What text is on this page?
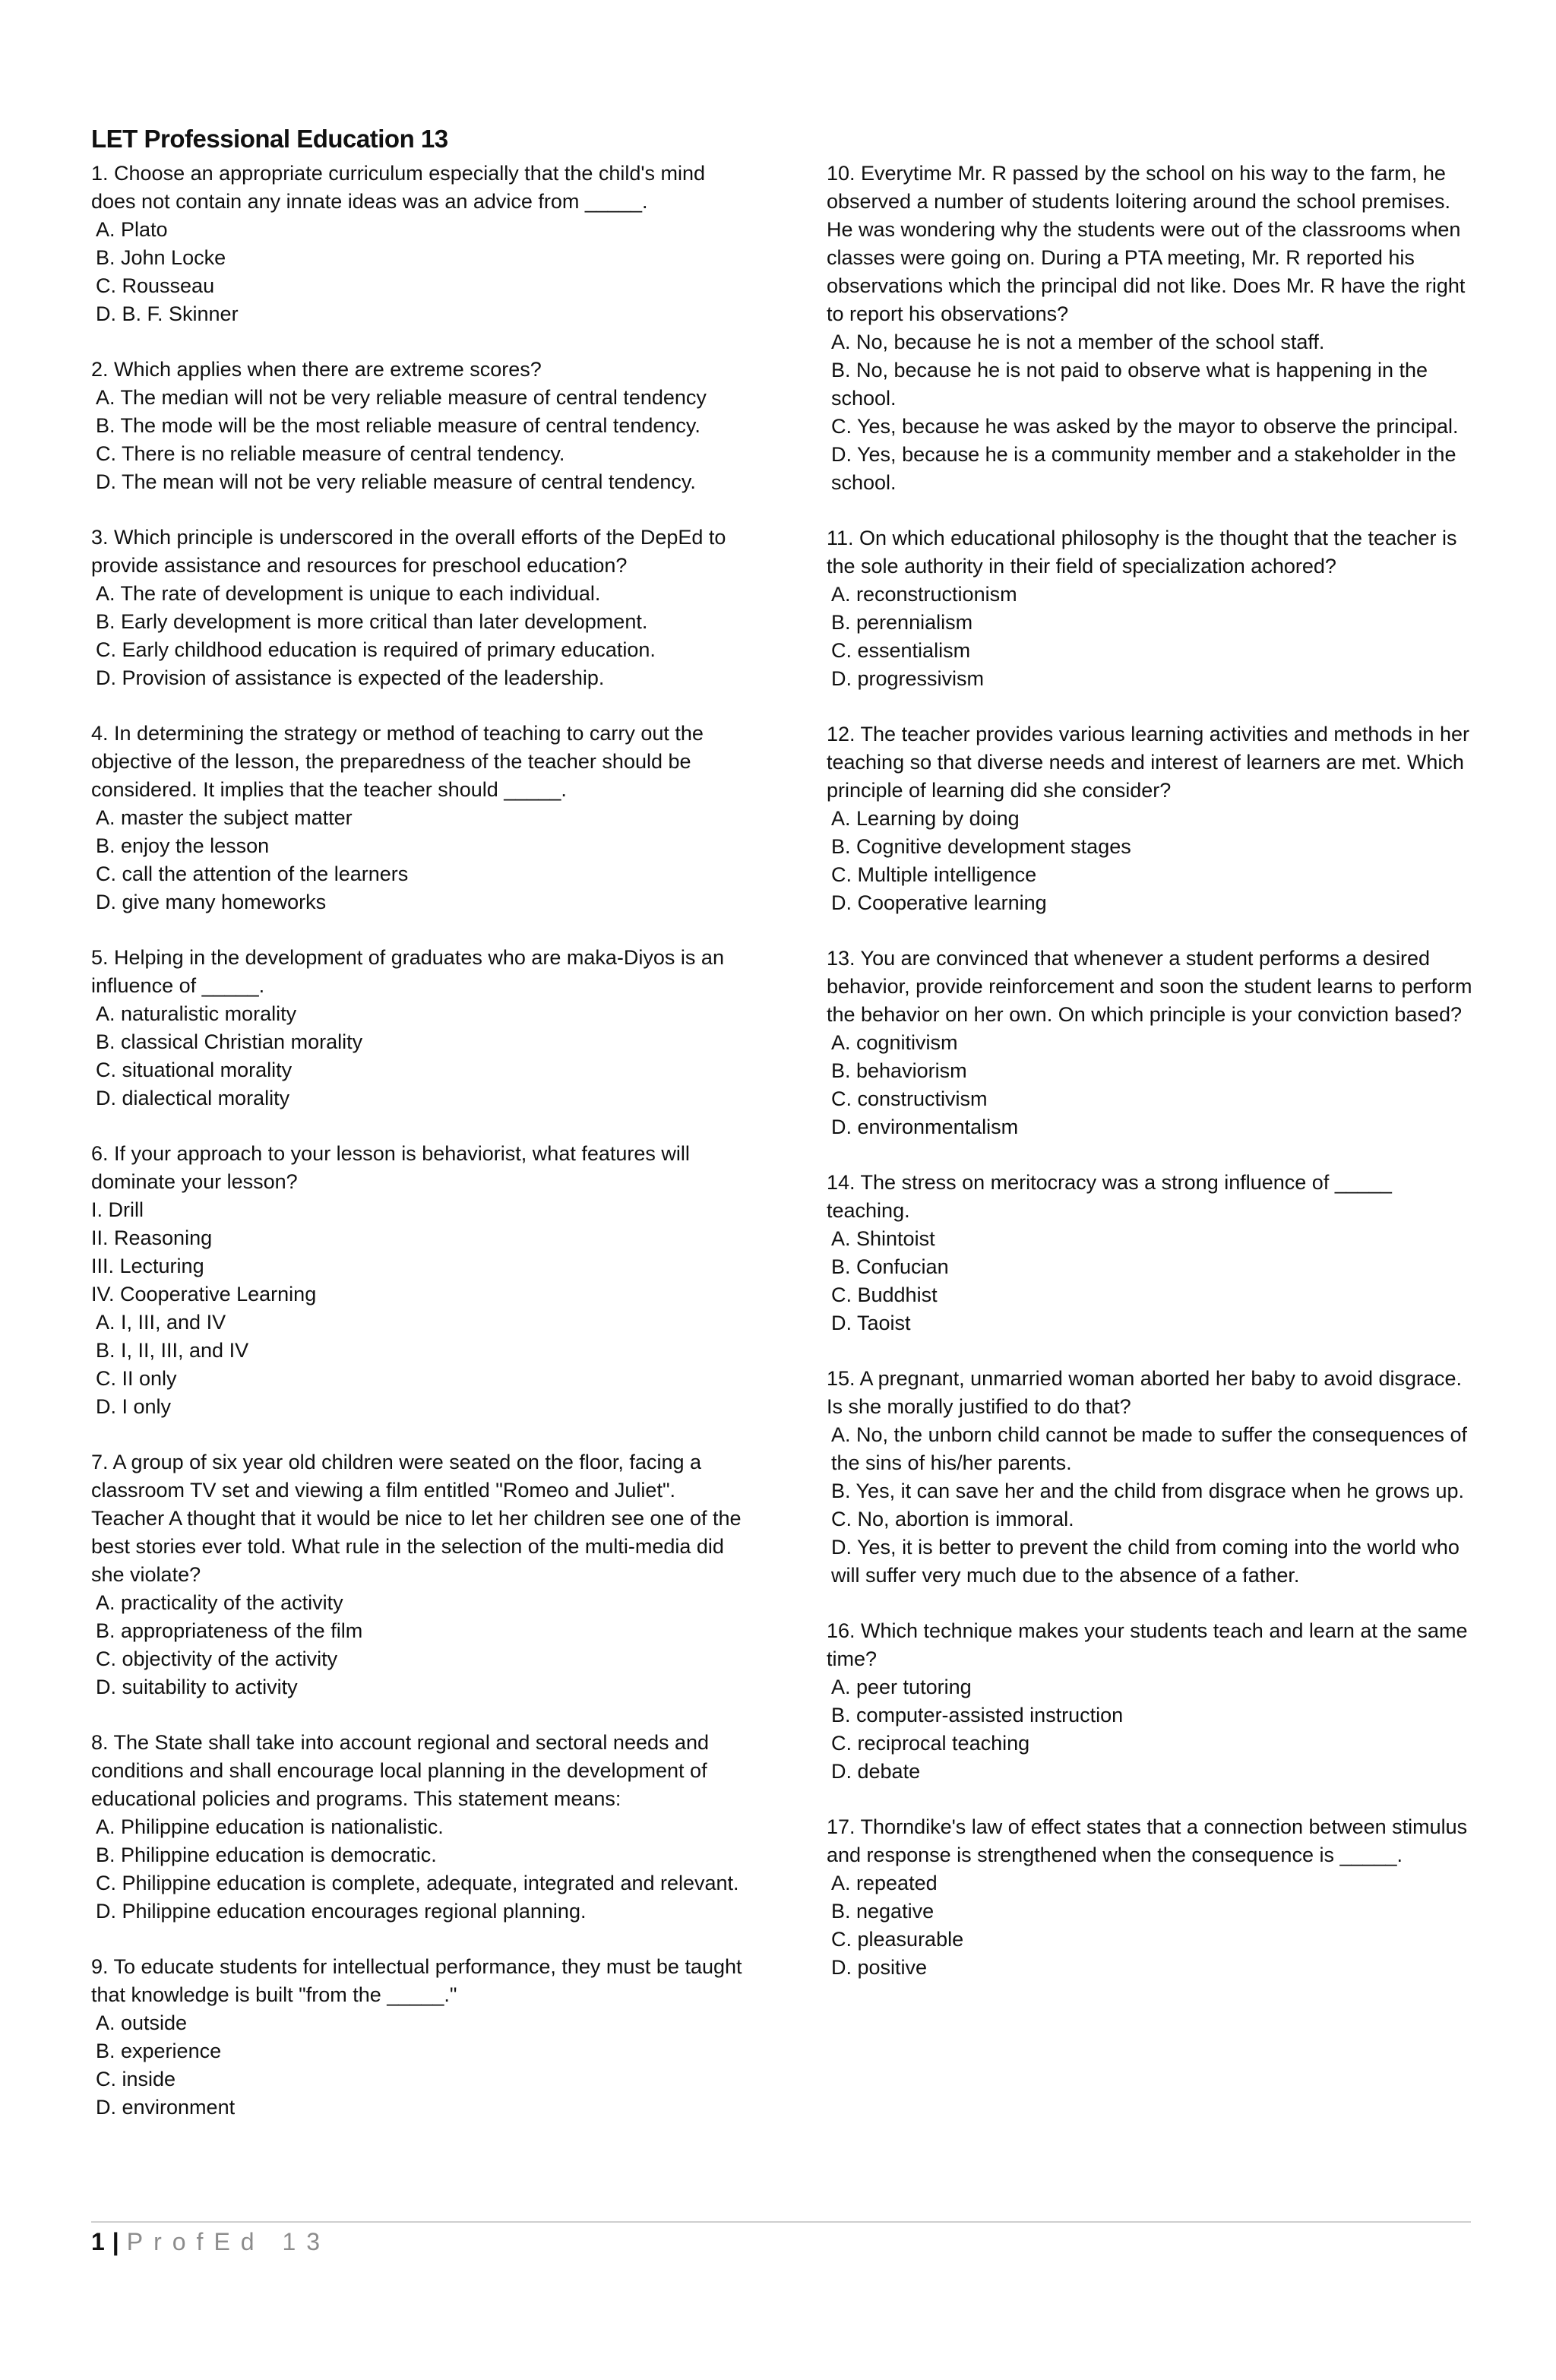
LET Professional Education 13

1. Choose an appropriate curriculum especially that the child's mind does not contain any innate ideas was an advice from _____.

A. Plato

B. John Locke

C. Rousseau

D. B. F. Skinner

2. Which applies when there are extreme scores?

A. The median will not be very reliable measure of central tendency

B. The mode will be the most reliable measure of central tendency.

C. There is no reliable measure of central tendency.

D. The mean will not be very reliable measure of central tendency.

3. Which principle is underscored in the overall efforts of the DepEd to provide assistance and resources for preschool education?

A. The rate of development is unique to each individual.

B. Early development is more critical than later development.

C. Early childhood education is required of primary education.

D. Provision of assistance is expected of the leadership.

4. In determining the strategy or method of teaching to carry out the objective of the lesson, the preparedness of the teacher should be considered. It implies that the teacher should _____.

A. master the subject matter

B. enjoy the lesson

C. call the attention of the learners

D. give many homeworks

5. Helping in the development of graduates who are maka-Diyos is an influence of _____.

A. naturalistic morality

B. classical Christian morality

C. situational morality

D. dialectical morality

6. If your approach to your lesson is behaviorist, what features will dominate your lesson?

I. Drill

II. Reasoning

III. Lecturing

IV. Cooperative Learning

A. I, III, and IV

B. I, II, III, and IV

C. II only

D. I only

7. A group of six year old children were seated on the floor, facing a classroom TV set and viewing a film entitled "Romeo and Juliet". Teacher A thought that it would be nice to let her children see one of the best stories ever told. What rule in the selection of the multi-media did she violate?

A. practicality of the activity

B. appropriateness of the film

C. objectivity of the activity

D. suitability to activity

8. The State shall take into account regional and sectoral needs and conditions and shall encourage local planning in the development of educational policies and programs. This statement means:

A. Philippine education is nationalistic.

B. Philippine education is democratic.

C. Philippine education is complete, adequate, integrated and relevant.

D. Philippine education encourages regional planning.

9. To educate students for intellectual performance, they must be taught that knowledge is built "from the _____."

A. outside

B. experience

C. inside

D. environment

10. Everytime Mr. R passed by the school on his way to the farm, he observed a number of students loitering around the school premises. He was wondering why the students were out of the classrooms when classes were going on. During a PTA meeting, Mr. R reported his observations which the principal did not like. Does Mr. R have the right to report his observations?

A. No, because he is not a member of the school staff.

B. No, because he is not paid to observe what is happening in the school.

C. Yes, because he was asked by the mayor to observe the principal.

D. Yes, because he is a community member and a stakeholder in the school.

11. On which educational philosophy is the thought that the teacher is the sole authority in their field of specialization achored?

A. reconstructionism

B. perennialism

C. essentialism

D. progressivism

12. The teacher provides various learning activities and methods in her teaching so that diverse needs and interest of learners are met. Which principle of learning did she consider?

A. Learning by doing

B. Cognitive development stages

C. Multiple intelligence

D. Cooperative learning

13. You are convinced that whenever a student performs a desired behavior, provide reinforcement and soon the student learns to perform the behavior on her own. On which principle is your conviction based?

A. cognitivism

B. behaviorism

C. constructivism

D. environmentalism

14. The stress on meritocracy was a strong influence of _____ teaching.

A. Shintoist

B. Confucian

C. Buddhist

D. Taoist

15. A pregnant, unmarried woman aborted her baby to avoid disgrace. Is she morally justified to do that?

A. No, the unborn child cannot be made to suffer the consequences of the sins of his/her parents.

B. Yes, it can save her and the child from disgrace when he grows up.

C. No, abortion is immoral.

D. Yes, it is better to prevent the child from coming into the world who will suffer very much due to the absence of a father.

16. Which technique makes your students teach and learn at the same time?

A. peer tutoring

B. computer-assisted instruction

C. reciprocal teaching

D. debate

17. Thorndike's law of effect states that a connection between stimulus and response is strengthened when the consequence is _____.

A. repeated

B. negative

C. pleasurable

D. positive

1 | ProfEd 13
